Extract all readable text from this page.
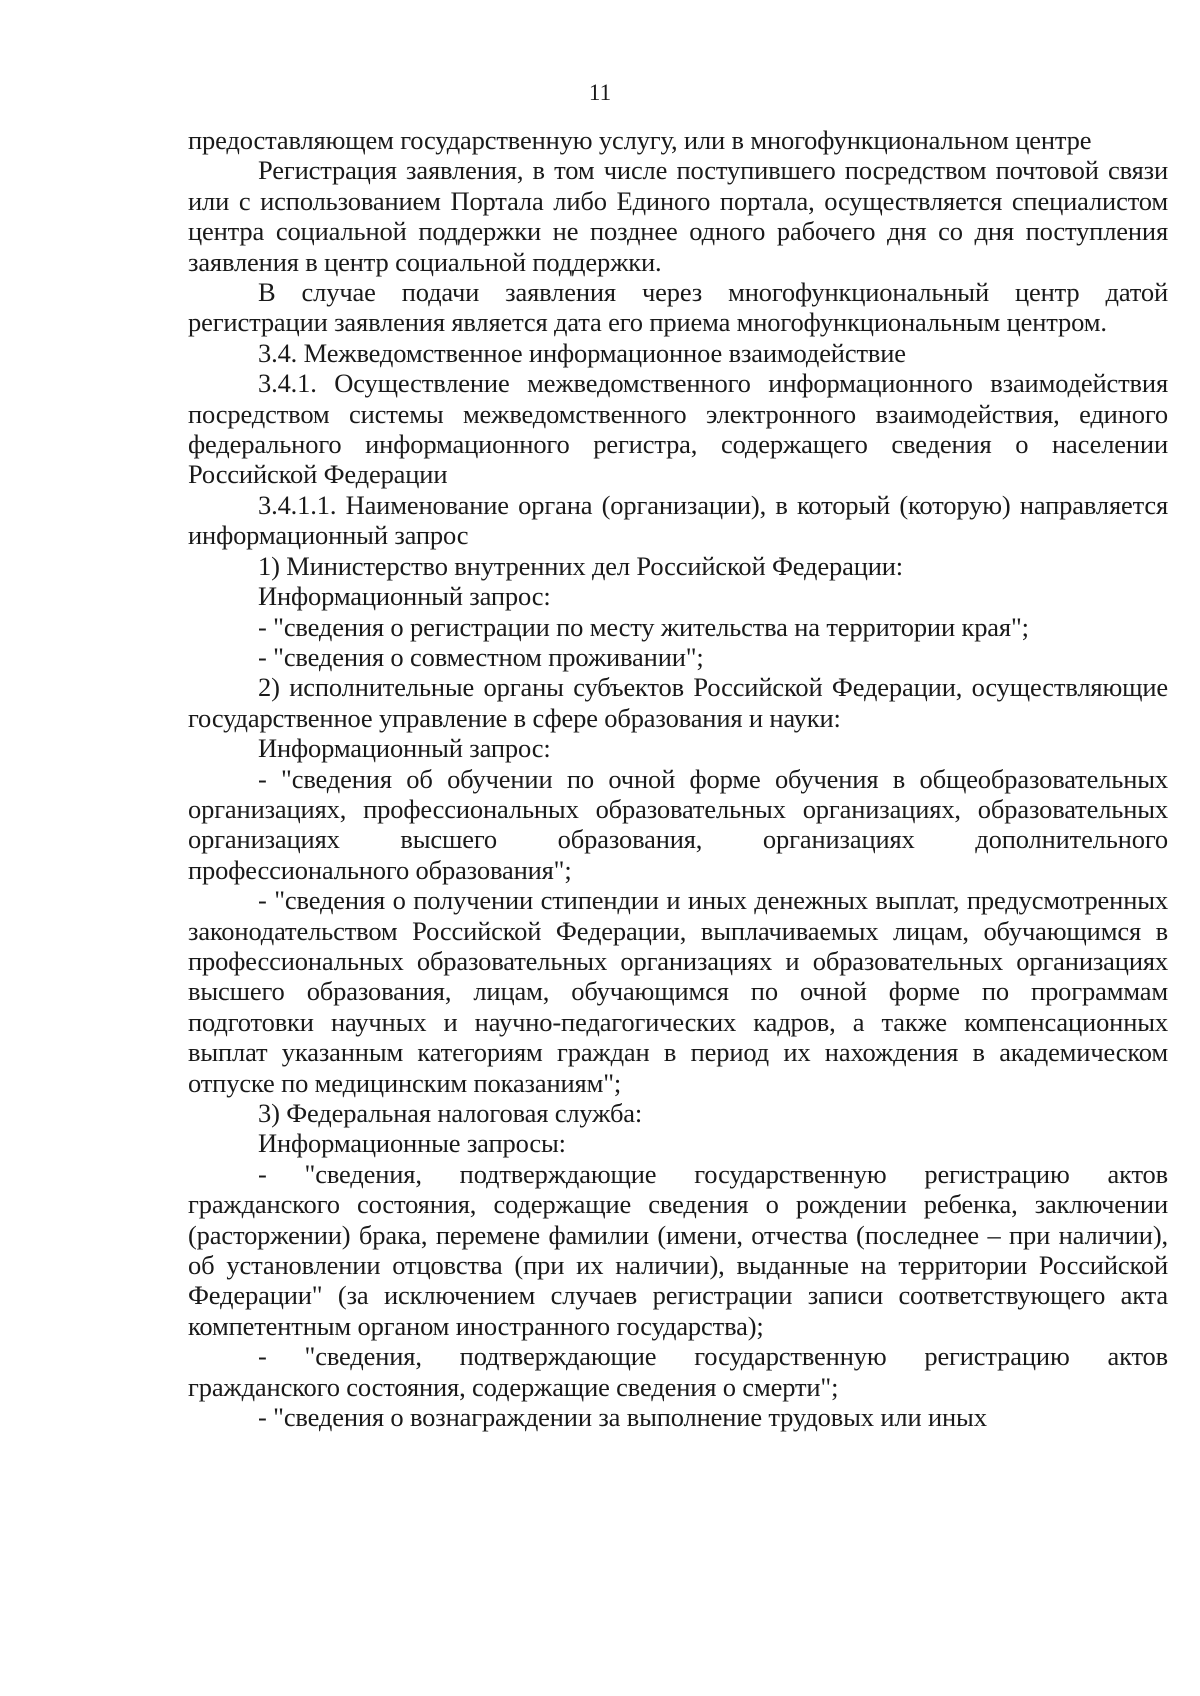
11

предоставляющем государственную услугу, или в многофункциональном центре

Регистрация заявления, в том числе поступившего посредством почтовой связи или с использованием Портала либо Единого портала, осуществляется специалистом центра социальной поддержки не позднее одного рабочего дня со дня поступления заявления в центр социальной поддержки.

В случае подачи заявления через многофункциональный центр датой регистрации заявления является дата его приема многофункциональным центром.

3.4. Межведомственное информационное взаимодействие

3.4.1. Осуществление межведомственного информационного взаимодействия посредством системы межведомственного электронного взаимодействия, единого федерального информационного регистра, содержащего сведения о населении Российской Федерации

3.4.1.1. Наименование органа (организации), в который (которую) направляется информационный запрос

1) Министерство внутренних дел Российской Федерации:

Информационный запрос:

- "сведения о регистрации по месту жительства на территории края";

- "сведения о совместном проживании";

2) исполнительные органы субъектов Российской Федерации, осуществляющие государственное управление в сфере образования и науки:

Информационный запрос:

- "сведения об обучении по очной форме обучения в общеобразовательных организациях, профессиональных образовательных организациях, образовательных организациях высшего образования, организациях дополнительного профессионального образования";

- "сведения о получении стипендии и иных денежных выплат, предусмотренных законодательством Российской Федерации, выплачиваемых лицам, обучающимся в профессиональных образовательных организациях и образовательных организациях высшего образования, лицам, обучающимся по очной форме по программам подготовки научных и научно-педагогических кадров, а также компенсационных выплат указанным категориям граждан в период их нахождения в академическом отпуске по медицинским показаниям";

3) Федеральная налоговая служба:

Информационные запросы:

- "сведения, подтверждающие государственную регистрацию актов гражданского состояния, содержащие сведения о рождении ребенка, заключении (расторжении) брака, перемене фамилии (имени, отчества (последнее – при наличии), об установлении отцовства (при их наличии), выданные на территории Российской Федерации" (за исключением случаев регистрации записи соответствующего акта компетентным органом иностранного государства);

- "сведения, подтверждающие государственную регистрацию актов гражданского состояния, содержащие сведения о смерти";

- "сведения о вознаграждении за выполнение трудовых или иных
